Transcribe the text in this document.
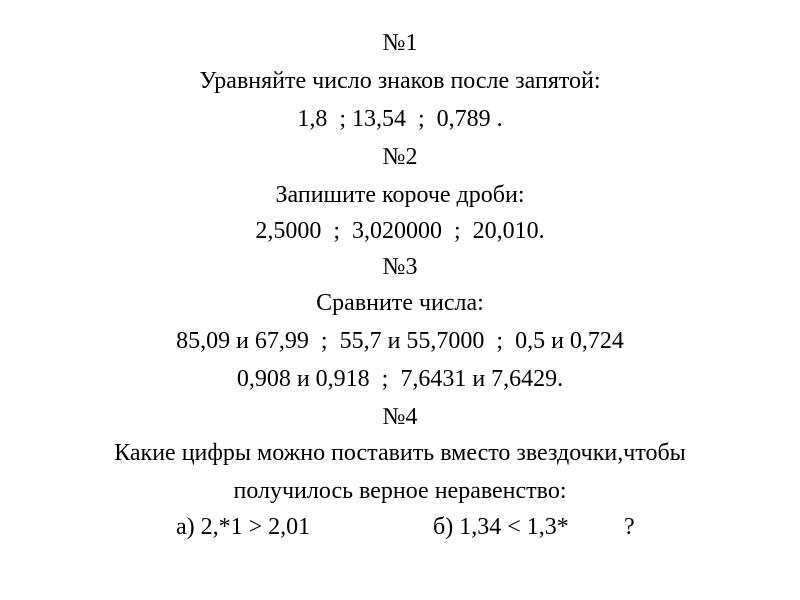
№1
Уравняйте число знаков после запятой:
1,8  ; 13,54  ;  0,789 .
№2
Запишите короче дроби:
2,5000  ;  3,020000  ;  20,010.
№3
Сравните числа:
85,09 и 67,99  ;  55,7 и 55,7000  ;  0,5 и 0,724
0,908 и 0,918  ;  7,6431 и 7,6429.
№4
Какие цифры можно поставить вместо звездочки,чтобы
получилось верное неравенство:
а) 2,*1 > 2,01	б) 1,34 < 1,3* ?
